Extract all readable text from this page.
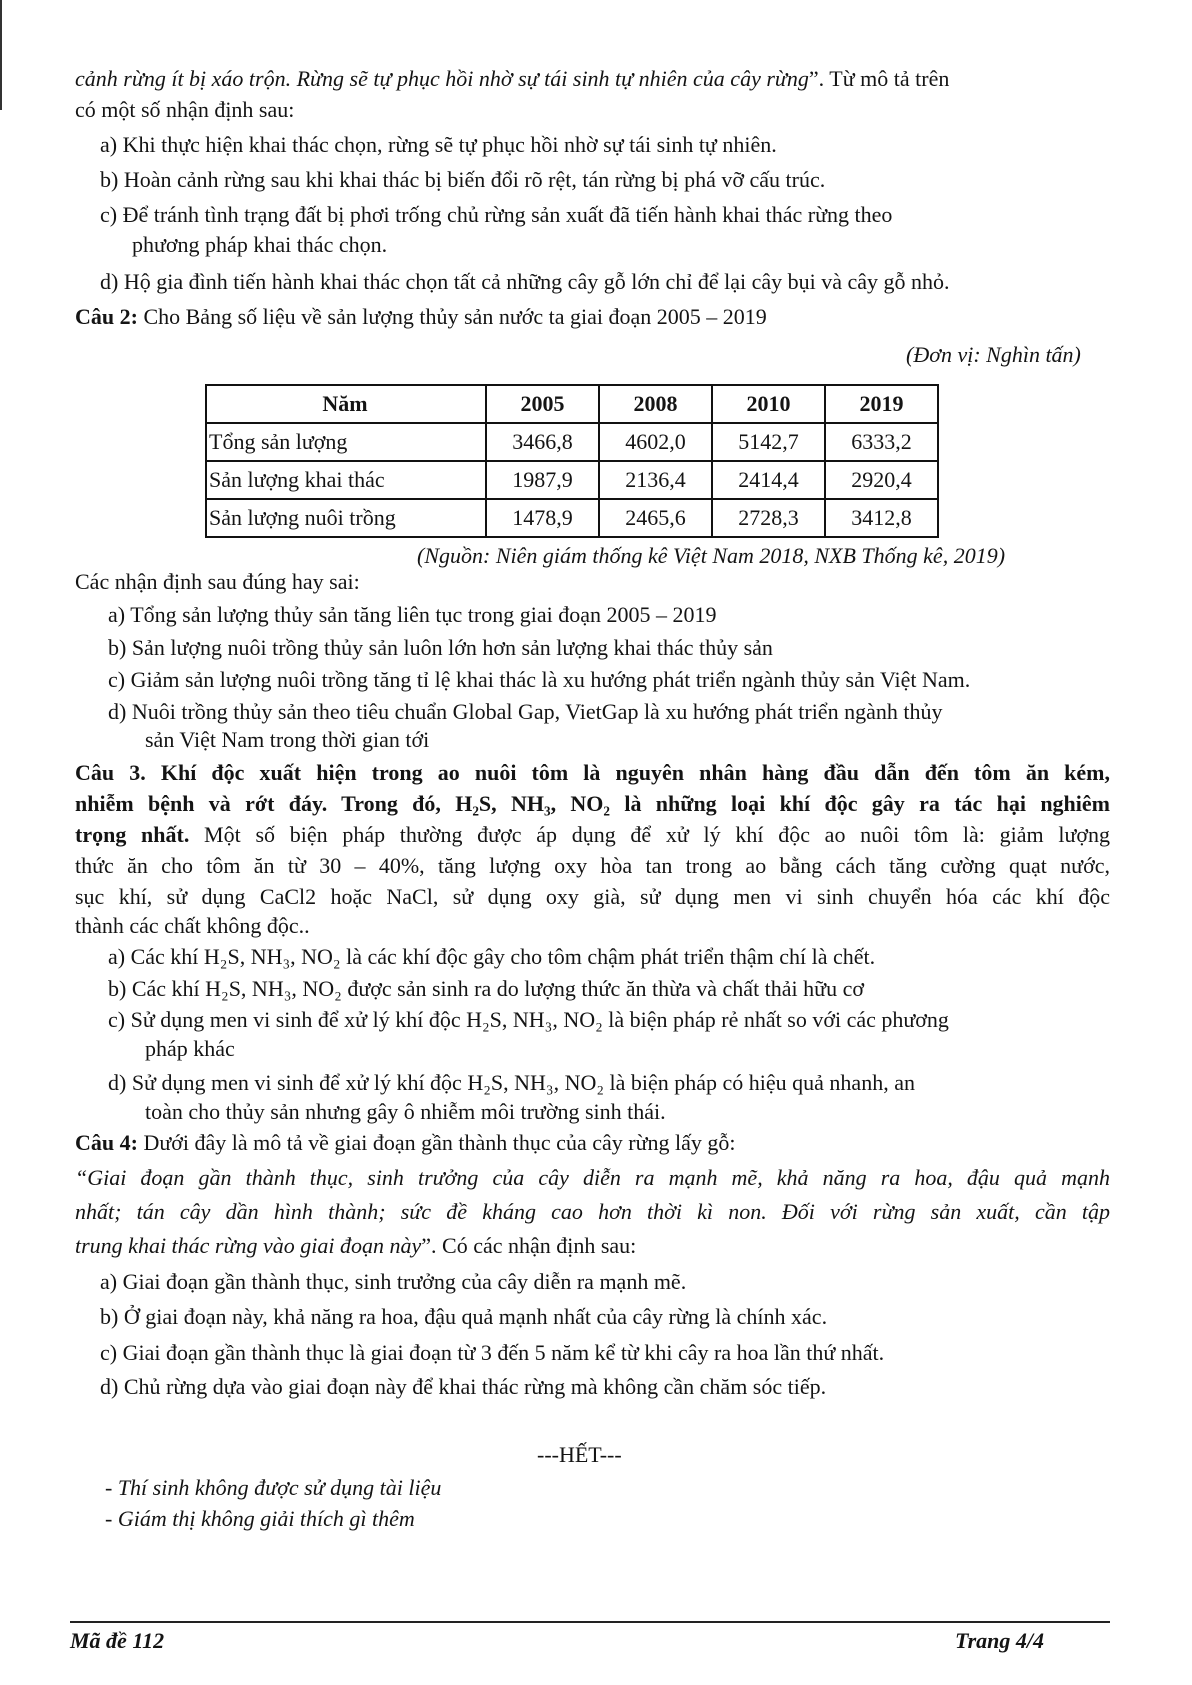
cảnh rừng ít bị xáo trộn. Rừng sẽ tự phục hồi nhờ sự tái sinh tự nhiên của cây rừng”. Từ mô tả trên
có một số nhận định sau:
a) Khi thực hiện khai thác chọn, rừng sẽ tự phục hồi nhờ sự tái sinh tự nhiên.
b) Hoàn cảnh rừng sau khi khai thác bị biến đổi rõ rệt, tán rừng bị phá vỡ cấu trúc.
c) Để tránh tình trạng đất bị phơi trống chủ rừng sản xuất đã tiến hành khai thác rừng theo
phương pháp khai thác chọn.
d) Hộ gia đình tiến hành khai thác chọn tất cả những cây gỗ lớn chỉ để lại cây bụi và cây gỗ nhỏ.
Câu 2: Cho Bảng số liệu về sản lượng thủy sản nước ta giai đoạn 2005 – 2019
(Đơn vị: Nghìn tấn)
Năm	2005	2008	2010	2019
Tổng sản lượng	3466,8	4602,0	5142,7	6333,2
Sản lượng khai thác	1987,9	2136,4	2414,4	2920,4
Sản lượng nuôi trồng	1478,9	2465,6	2728,3	3412,8
(Nguồn: Niên giám thống kê Việt Nam 2018, NXB Thống kê, 2019)
Các nhận định sau đúng hay sai:
a) Tổng sản lượng thủy sản tăng liên tục trong giai đoạn 2005 – 2019
b) Sản lượng nuôi trồng thủy sản luôn lớn hơn sản lượng khai thác thủy sản
c) Giảm sản lượng nuôi trồng tăng tỉ lệ khai thác là xu hướng phát triển ngành thủy sản Việt Nam.
d) Nuôi trồng thủy sản theo tiêu chuẩn Global Gap, VietGap là xu hướng phát triển ngành thủy
sản Việt Nam trong thời gian tới
Câu 3. Khí độc xuất hiện trong ao nuôi tôm là nguyên nhân hàng đầu dẫn đến tôm ăn kém,
nhiễm bệnh và rớt đáy. Trong đó, H₂S, NH₃, NO₂ là những loại khí độc gây ra tác hại nghiêm
trọng nhất. Một số biện pháp thường được áp dụng để xử lý khí độc ao nuôi tôm là: giảm lượng
thức ăn cho tôm ăn từ 30 – 40%, tăng lượng oxy hòa tan trong ao bằng cách tăng cường quạt nước,
sục khí, sử dụng CaCl2 hoặc NaCl, sử dụng oxy già, sử dụng men vi sinh chuyển hóa các khí độc
thành các chất không độc..
a) Các khí H₂S, NH₃, NO₂ là các khí độc gây cho tôm chậm phát triển thậm chí là chết.
b) Các khí H₂S, NH₃, NO₂ được sản sinh ra do lượng thức ăn thừa và chất thải hữu cơ
c) Sử dụng men vi sinh để xử lý khí độc H₂S, NH₃, NO₂ là biện pháp rẻ nhất so với các phương
pháp khác
d) Sử dụng men vi sinh để xử lý khí độc H₂S, NH₃, NO₂ là biện pháp có hiệu quả nhanh, an
toàn cho thủy sản nhưng gây ô nhiễm môi trường sinh thái.
Câu 4: Dưới đây là mô tả về giai đoạn gần thành thục của cây rừng lấy gỗ:
“Giai đoạn gần thành thục, sinh trưởng của cây diễn ra mạnh mẽ, khả năng ra hoa, đậu quả mạnh
nhất; tán cây dần hình thành; sức đề kháng cao hơn thời kì non. Đối với rừng sản xuất, cần tập
trung khai thác rừng vào giai đoạn này”. Có các nhận định sau:
a) Giai đoạn gần thành thục, sinh trưởng của cây diễn ra mạnh mẽ.
b) Ở giai đoạn này, khả năng ra hoa, đậu quả mạnh nhất của cây rừng là chính xác.
c) Giai đoạn gần thành thục là giai đoạn từ 3 đến 5 năm kể từ khi cây ra hoa lần thứ nhất.
d) Chủ rừng dựa vào giai đoạn này để khai thác rừng mà không cần chăm sóc tiếp.
---HẾT---
- Thí sinh không được sử dụng tài liệu
- Giám thị không giải thích gì thêm
Mã đề 112	Trang 4/4
